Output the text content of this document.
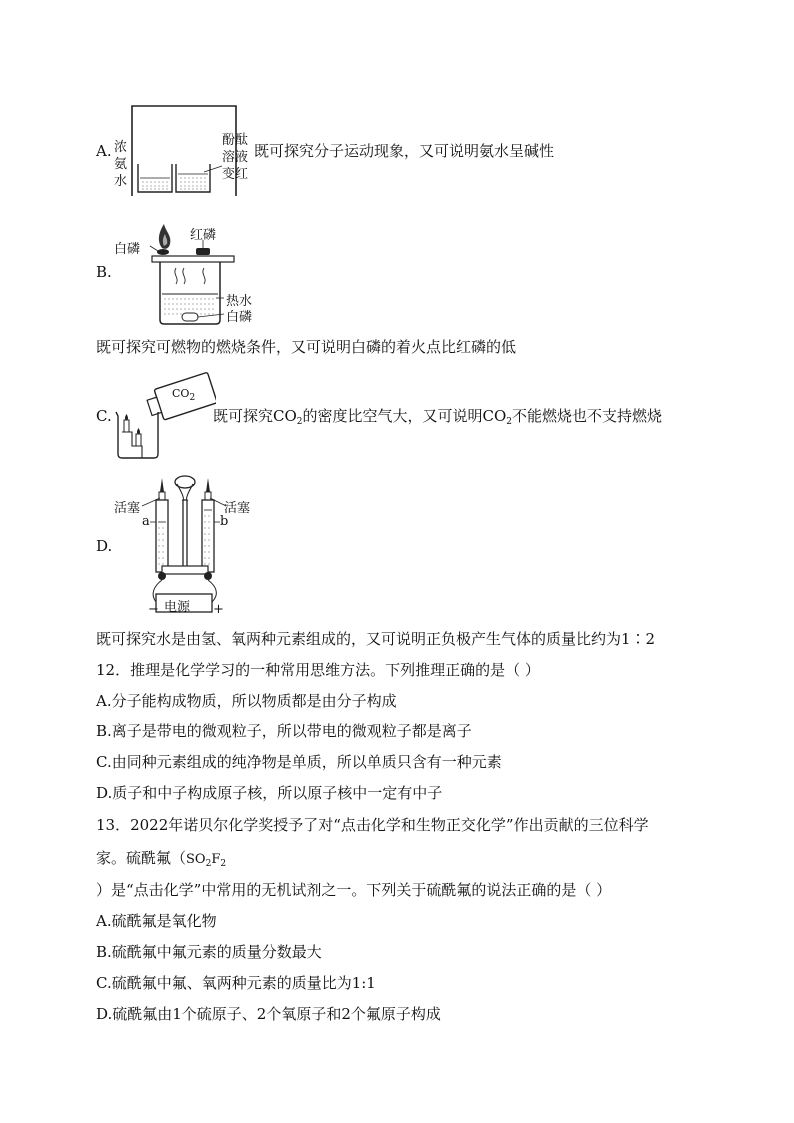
A. 浓
氨
水
酚酞
溶液
变红
既可探究分子运动现象，又可说明氨水呈碱性
B.
白磷
红磷
热水
白磷
既可探究可燃物的燃烧条件，又可说明白磷的着火点比红磷的低
C.
$CO_2$
既可探究$CO_2$的密度比空气大，又可说明$CO_2$不能燃烧也不支持燃烧
D.
活塞	活塞
a	b
电源
−	+
既可探究水是由氢、氧两种元素组成的，又可说明正负极产生气体的质量比约为1∶2
12．推理是化学学习的一种常用思维方法。下列推理正确的是（ ）
A.分子能构成物质，所以物质都是由分子构成
B.离子是带电的微观粒子，所以带电的微观粒子都是离子
C.由同种元素组成的纯净物是单质，所以单质只含有一种元素
D.质子和中子构成原子核，所以原子核中一定有中子
13．2022年诺贝尔化学奖授予了对“点击化学和生物正交化学”作出贡献的三位科学
家。硫酰氟（$SO_2F_2$
）是“点击化学”中常用的无机试剂之一。下列关于硫酰氟的说法正确的是（ ）
A.硫酰氟是氧化物
B.硫酰氟中氟元素的质量分数最大
C.硫酰氟中氟、氧两种元素的质量比为1:1
D.硫酰氟由1个硫原子、2个氧原子和2个氟原子构成
